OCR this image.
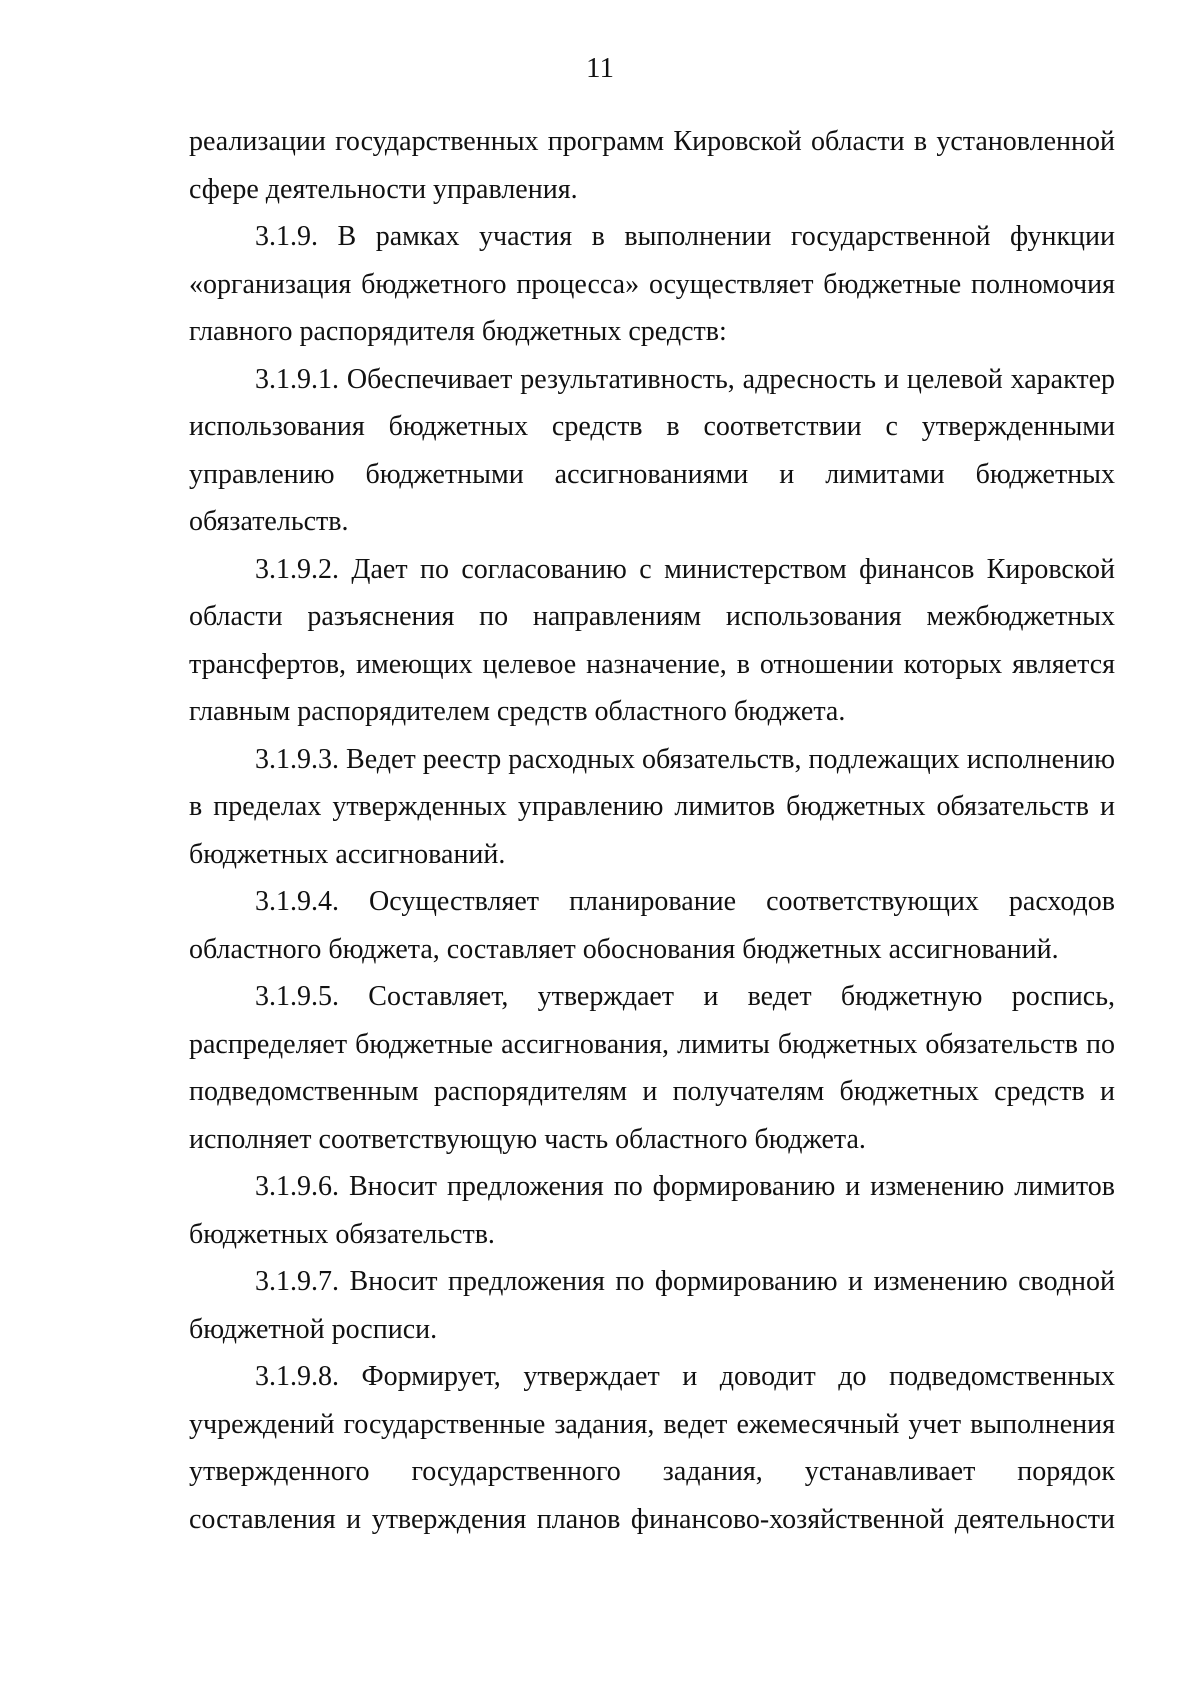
11

реализации государственных программ Кировской области в установленной сфере деятельности управления.

3.1.9. В рамках участия в выполнении государственной функции «организация бюджетного процесса» осуществляет бюджетные полномочия главного распорядителя бюджетных средств:

3.1.9.1. Обеспечивает результативность, адресность и целевой характер использования бюджетных средств в соответствии с утвержденными управлению бюджетными ассигнованиями и лимитами бюджетных обязательств.

3.1.9.2. Дает по согласованию с министерством финансов Кировской области разъяснения по направлениям использования межбюджетных трансфертов, имеющих целевое назначение, в отношении которых является главным распорядителем средств областного бюджета.

3.1.9.3. Ведет реестр расходных обязательств, подлежащих исполнению в пределах утвержденных управлению лимитов бюджетных обязательств и бюджетных ассигнований.

3.1.9.4. Осуществляет планирование соответствующих расходов областного бюджета, составляет обоснования бюджетных ассигнований.

3.1.9.5. Составляет, утверждает и ведет бюджетную роспись, распределяет бюджетные ассигнования, лимиты бюджетных обязательств по подведомственным распорядителям и получателям бюджетных средств и исполняет соответствующую часть областного бюджета.

3.1.9.6. Вносит предложения по формированию и изменению лимитов бюджетных обязательств.

3.1.9.7. Вносит предложения по формированию и изменению сводной бюджетной росписи.

3.1.9.8. Формирует, утверждает и доводит до подведомственных учреждений государственные задания, ведет ежемесячный учет выполнения утвержденного государственного задания, устанавливает порядок составления и утверждения планов финансово-хозяйственной деятельности
